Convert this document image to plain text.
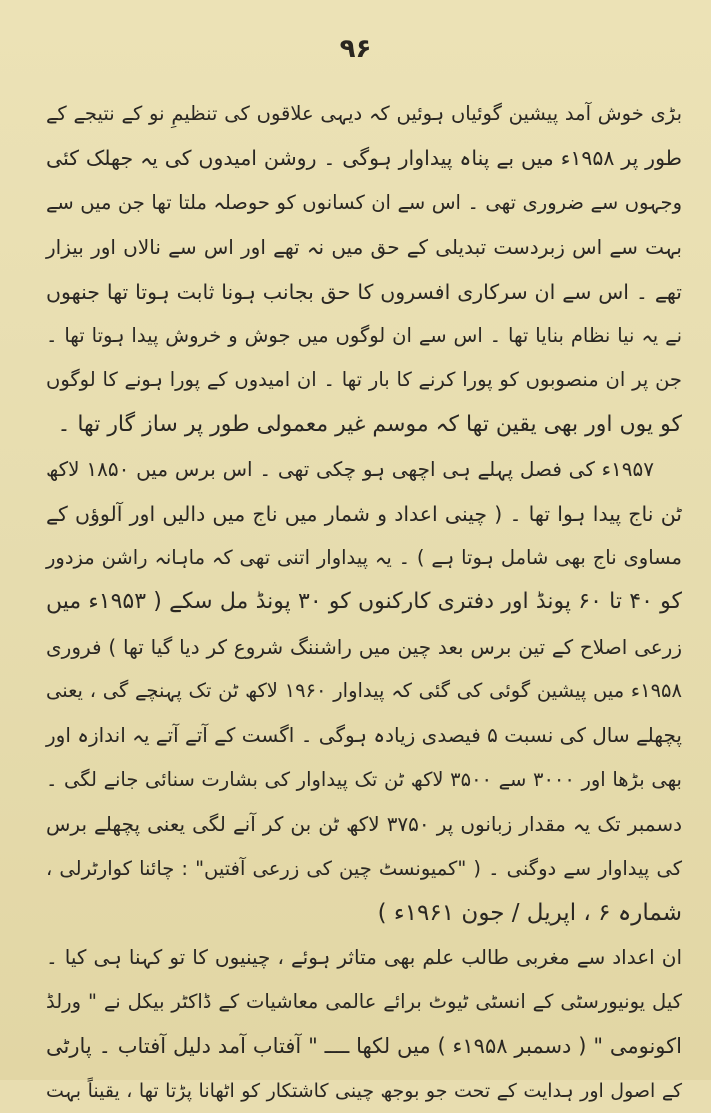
۹۶
بڑی خوش آمد پیشین گوئیاں ہوئیں کہ دیہی علاقوں کی تنظیمِ نو کے نتیجے کے
طور پر ۱۹۵۸ء میں بے پناہ پیداوار ہوگی ۔ روشن امیدوں کی یہ جھلک کئی
وجہوں سے ضروری تھی ۔ اس سے ان کسانوں کو حوصلہ ملتا تھا جن میں سے
بہت سے اس زبردست تبدیلی کے حق میں نہ تھے اور اس سے نالاں اور بیزار
تھے ۔ اس سے ان سرکاری افسروں کا حق بجانب ہونا ثابت ہوتا تھا جنھوں
نے یہ نیا نظام بنایا تھا ۔ اس سے ان لوگوں میں جوش و خروش پیدا ہوتا تھا ۔
جن پر ان منصوبوں کو پورا کرنے کا بار تھا ۔ ان امیدوں کے پورا ہونے کا لوگوں
کو یوں اور بھی یقین تھا کہ موسم غیر معمولی طور پر ساز گار تھا ۔
۱۹۵۷ء کی فصل پہلے ہی اچھی ہو چکی تھی ۔ اس برس میں ۱۸۵۰ لاکھ
ٹن ناج پیدا ہوا تھا ۔ ( چینی اعداد و شمار میں ناج میں دالیں اور آلوؤں کے
مساوی ناج بھی شامل ہوتا ہے ) ۔ یہ پیداوار اتنی تھی کہ ماہانہ راشن مزدور
کو ۴۰ تا ۶۰ پونڈ اور دفتری کارکنوں کو ۳۰ پونڈ مل سکے ( ۱۹۵۳ء میں
زرعی اصلاح کے تین برس بعد چین میں راشننگ شروع کر دیا گیا تھا ) فروری
۱۹۵۸ء میں پیشین گوئی کی گئی کہ پیداوار ۱۹۶۰ لاکھ ٹن تک پہنچے گی ، یعنی
پچھلے سال کی نسبت ۵ فیصدی زیادہ ہوگی ۔ اگست کے آتے آتے یہ اندازہ اور
بھی بڑھا اور ۳۰۰۰ سے ۳۵۰۰ لاکھ ٹن تک پیداوار کی بشارت سنائی جانے لگی ۔
دسمبر تک یہ مقدار زبانوں پر ۳۷۵۰ لاکھ ٹن بن کر آنے لگی یعنی پچھلے برس
کی پیداوار سے دوگنی ۔ ( "کمیونسٹ چین کی زرعی آفتیں" : چائنا کوارٹرلی ،
شمارہ ۶ ، اپریل / جون ۱۹۶۱ء )
ان اعداد سے مغربی طالب علم بھی متاثر ہوئے ، چینیوں کا تو کہنا ہی کیا ۔
کیل یونیورسٹی کے انسٹی ٹیوٹ برائے عالمی معاشیات کے ڈاکٹر بیکل نے " ورلڈ
اکونومی " ( دسمبر ۱۹۵۸ء ) میں لکھا ــــ " آفتاب آمد دلیل آفتاب ۔ پارٹی
کے اصول اور ہدایت کے تحت جو بوجھ چینی کاشتکار کو اٹھانا پڑتا تھا ، یقیناً بہت
